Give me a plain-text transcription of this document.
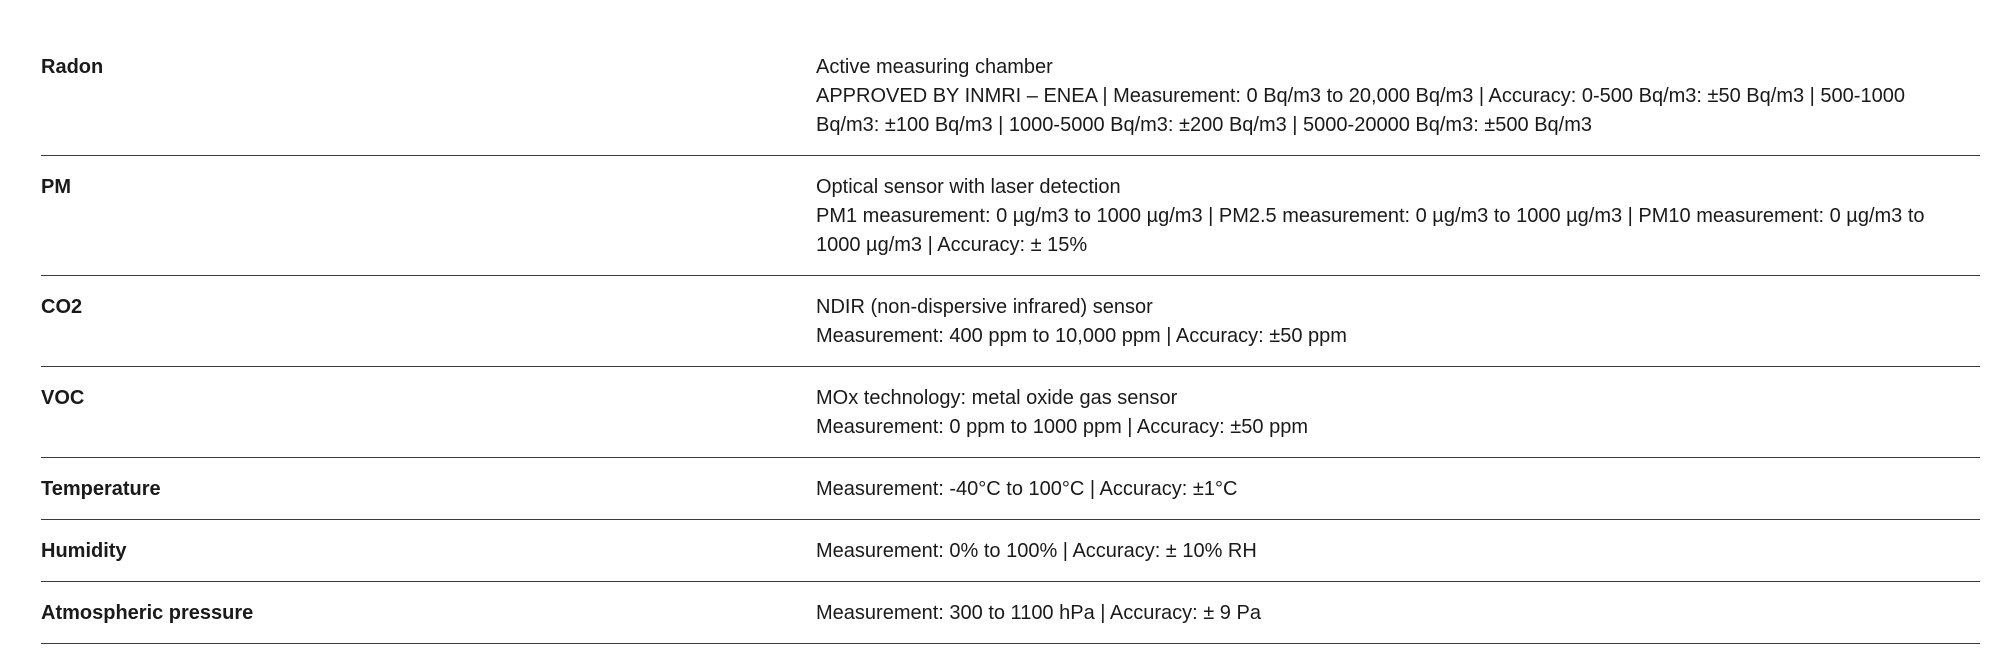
Radon	Active measuring chamber
APPROVED BY INMRI – ENEA | Measurement: 0 Bq/m3 to 20,000 Bq/m3 | Accuracy: 0-500 Bq/m3: ±50 Bq/m3 | 500-1000 Bq/m3: ±100 Bq/m3 | 1000-5000 Bq/m3: ±200 Bq/m3 | 5000-20000 Bq/m3: ±500 Bq/m3
PM	Optical sensor with laser detection
PM1 measurement: 0 µg/m3 to 1000 µg/m3 | PM2.5 measurement: 0 µg/m3 to 1000 µg/m3 | PM10 measurement: 0 µg/m3 to 1000 µg/m3 | Accuracy: ± 15%
CO2	NDIR (non-dispersive infrared) sensor
Measurement: 400 ppm to 10,000 ppm | Accuracy: ±50 ppm
VOC	MOx technology: metal oxide gas sensor
Measurement: 0 ppm to 1000 ppm | Accuracy: ±50 ppm
Temperature	Measurement: -40°C to 100°C | Accuracy: ±1°C
Humidity	Measurement: 0% to 100% | Accuracy: ± 10% RH
Atmospheric pressure	Measurement: 300 to 1100 hPa | Accuracy: ± 9 Pa
